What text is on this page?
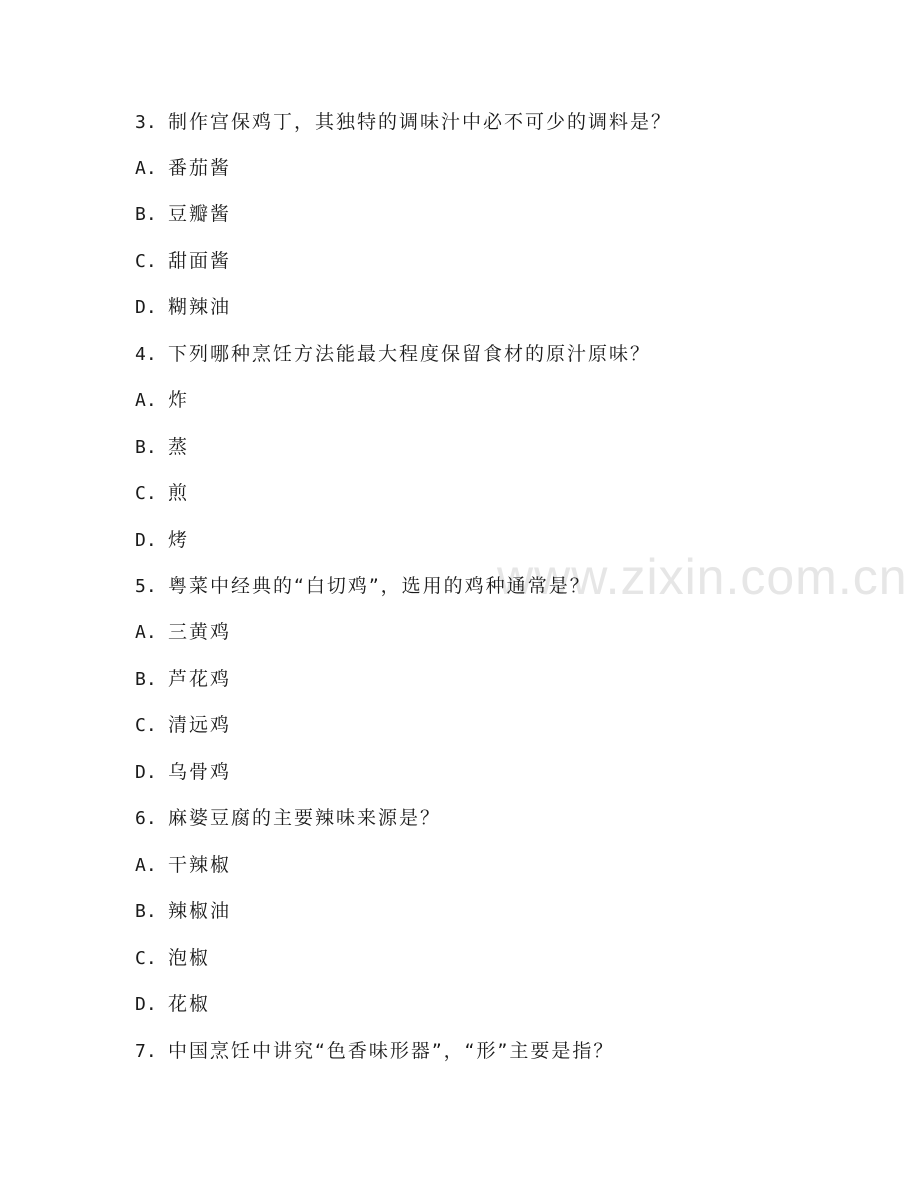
www.zixin.com.cn
3. 制作宫保鸡丁，其独特的调味汁中必不可少的调料是？
A. 番茄酱
B. 豆瓣酱
C. 甜面酱
D. 糊辣油
4. 下列哪种烹饪方法能最大程度保留食材的原汁原味？
A. 炸
B. 蒸
C. 煎
D. 烤
5. 粤菜中经典的“白切鸡”，选用的鸡种通常是？
A. 三黄鸡
B. 芦花鸡
C. 清远鸡
D. 乌骨鸡
6. 麻婆豆腐的主要辣味来源是？
A. 干辣椒
B. 辣椒油
C. 泡椒
D. 花椒
7. 中国烹饪中讲究“色香味形器”，“形”主要是指？
